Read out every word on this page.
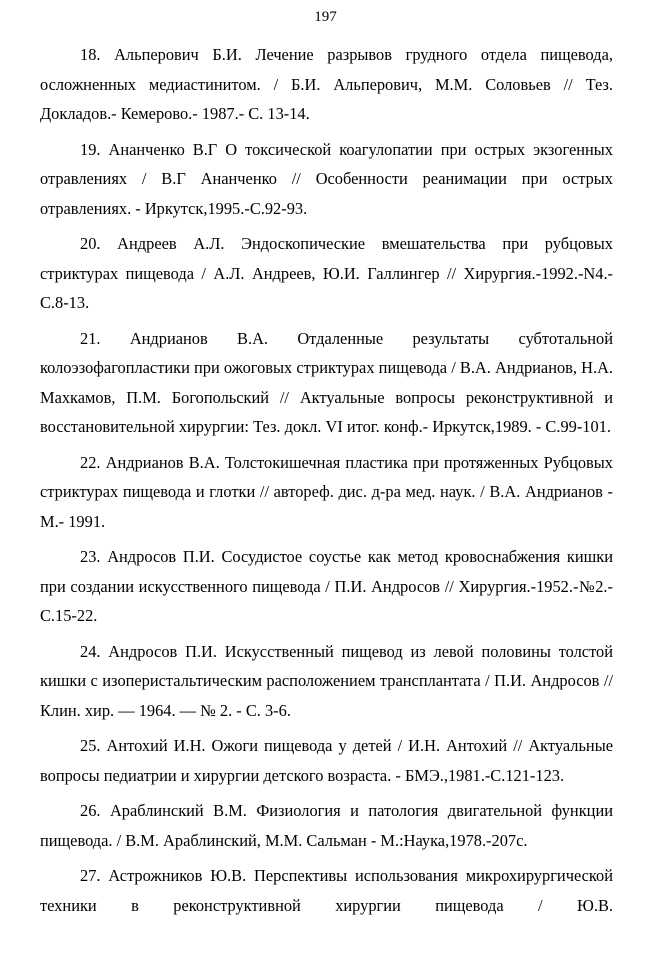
197

18. Альперович Б.И. Лечение разрывов грудного отдела пищевода, осложненных медиастинитом. / Б.И. Альперович, М.М. Соловьев // Тез. Докладов.- Кемерово.- 1987.- С. 13-14.

19. Ананченко В.Г О токсической коагулопатии при острых экзогенных отравлениях / В.Г Ананченко // Особенности реанимации при острых отравлениях. - Иркутск,1995.-С.92-93.

20. Андреев А.Л. Эндоскопические вмешательства при рубцовых стриктурах пищевода / А.Л. Андреев, Ю.И. Галлингер // Хирургия.-1992.-N4.-С.8-13.

21. Андрианов В.А. Отдаленные результаты субтотальной колоэзофагопластики при ожоговых стриктурах пищевода / В.А. Андрианов, Н.А. Махкамов, П.М. Богопольский // Актуальные вопросы реконструктивной и восстановительной хирургии: Тез. докл. VI итог. конф.- Иркутск,1989. - С.99-101.

22. Андрианов В.А. Толстокишечная пластика при протяженных Рубцовых стриктурах пищевода и глотки // автореф. дис. д-ра мед. наук. / В.А. Андрианов - М.- 1991.

23. Андросов П.И. Сосудистое соустье как метод кровоснабжения кишки при создании искусственного пищевода / П.И. Андросов // Хирургия.-1952.-№2.-С.15-22.

24. Андросов П.И. Искусственный пищевод из левой половины толстой кишки с изоперистальтическим расположением трансплантата / П.И. Андросов // Клин. хир. — 1964. — № 2. - С. 3-6.

25. Антохий И.Н. Ожоги пищевода у детей / И.Н. Антохий // Актуальные вопросы педиатрии и хирургии детского возраста. - БМЭ.,1981.-С.121-123.

26. Араблинский В.М. Физиология и патология двигательной функции пищевода. / В.М. Араблинский, М.М. Сальман - М.:Наука,1978.-207с.

27. Астрожников Ю.В. Перспективы использования микрохирургической техники в реконструктивной хирургии пищевода / Ю.В.
